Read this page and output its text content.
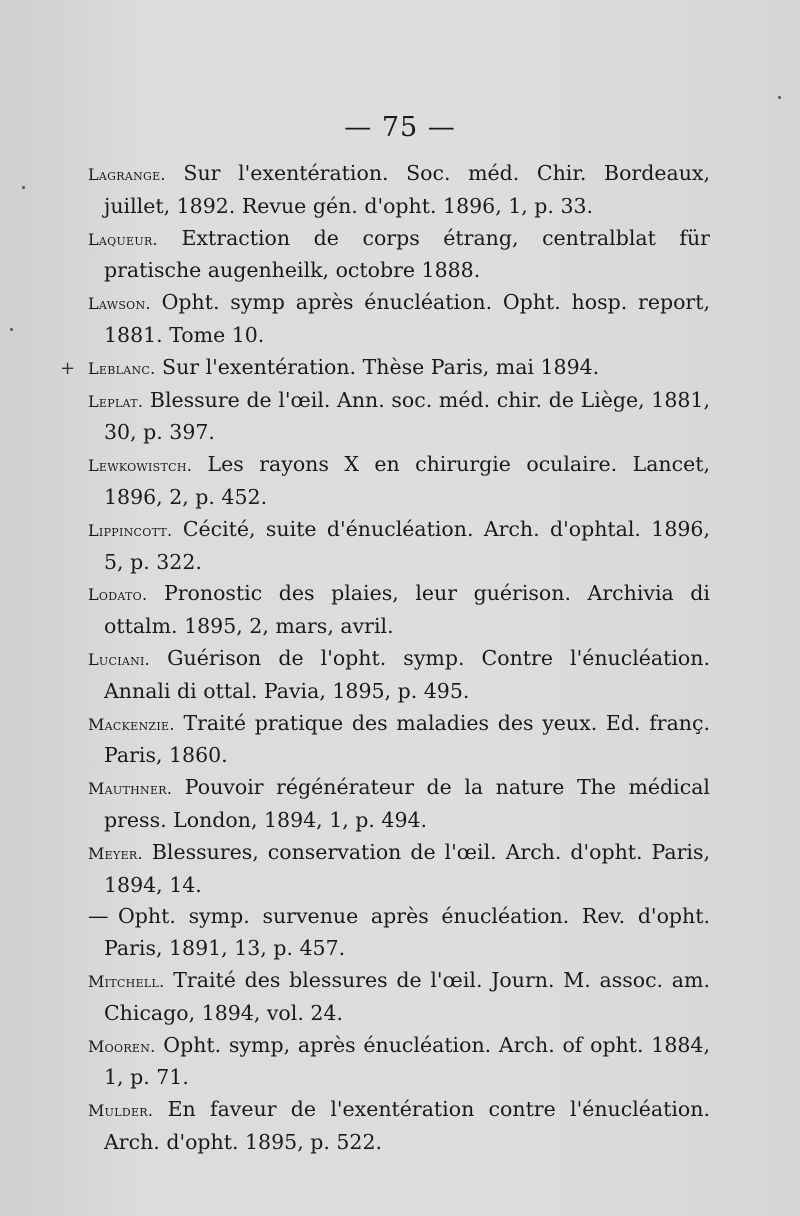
— 75 —
+

Lagrange. Sur l'exentération. Soc. méd. Chir. Bordeaux, juillet, 1892. Revue gén. d'opht. 1896, 1, p. 33.

Laqueur. Extraction de corps étrang, centralblat für pratische augenheilk, octobre 1888.

Lawson. Opht. symp après énucléation. Opht. hosp. report, 1881. Tome 10.

Leblanc. Sur l'exentération. Thèse Paris, mai 1894.

Leplat. Blessure de l'œil. Ann. soc. méd. chir. de Liège, 1881, 30, p. 397.

Lewkowistch. Les rayons X en chirurgie oculaire. Lancet, 1896, 2, p. 452.

Lippincott. Cécité, suite d'énucléation. Arch. d'ophtal. 1896, 5, p. 322.

Lodato. Pronostic des plaies, leur guérison. Archivia di ottalm. 1895, 2, mars, avril.

Luciani. Guérison de l'opht. symp. Contre l'énucléation. Annali di ottal. Pavia, 1895, p. 495.

Mackenzie. Traité pratique des maladies des yeux. Ed. franç. Paris, 1860.

Mauthner. Pouvoir régénérateur de la nature The médical press. London, 1894, 1, p. 494.

Meyer. Blessures, conservation de l'œil. Arch. d'opht. Paris, 1894, 14.

— Opht. symp. survenue après énucléation. Rev. d'opht. Paris, 1891, 13, p. 457.

Mitchell. Traité des blessures de l'œil. Journ. M. assoc. am. Chicago, 1894, vol. 24.

Mooren. Opht. symp, après énucléation. Arch. of opht. 1884, 1, p. 71.

Mulder. En faveur de l'exentération contre l'énucléation. Arch. d'opht. 1895, p. 522.
